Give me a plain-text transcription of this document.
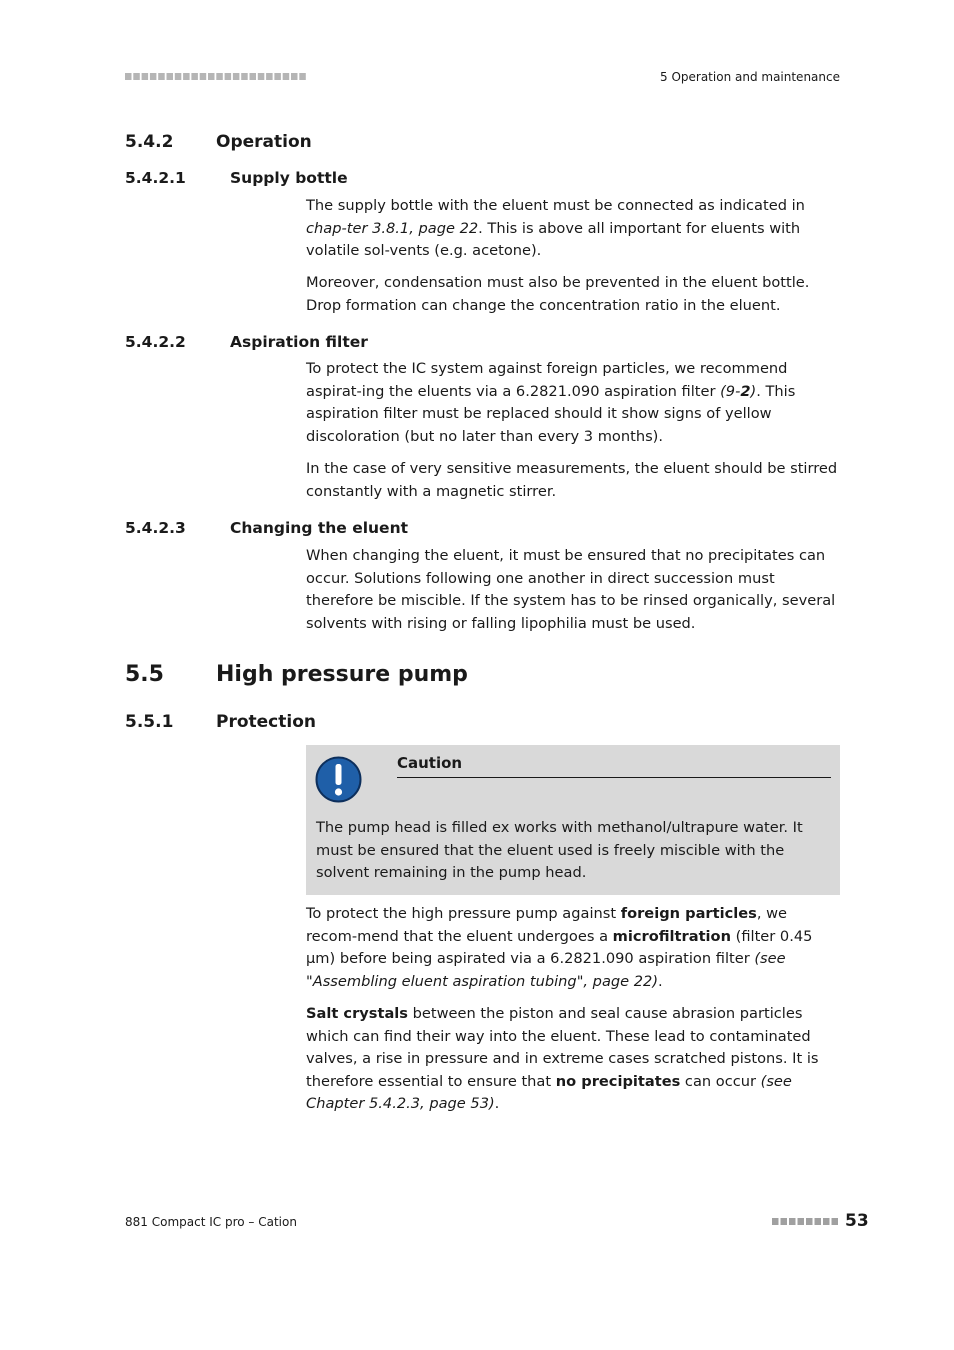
5 Operation and maintenance
5.4.2	Operation
5.4.2.1	Supply bottle

The supply bottle with the eluent must be connected as indicated in chap-ter 3.8.1, page 22. This is above all important for eluents with volatile sol-vents (e.g. acetone).

Moreover, condensation must also be prevented in the eluent bottle. Drop formation can change the concentration ratio in the eluent.

5.4.2.2	Aspiration filter

To protect the IC system against foreign particles, we recommend aspirat-ing the eluents via a 6.2821.090 aspiration filter (9-2). This aspiration filter must be replaced should it show signs of yellow discoloration (but no later than every 3 months).

In the case of very sensitive measurements, the eluent should be stirred constantly with a magnetic stirrer.

5.4.2.3	Changing the eluent

When changing the eluent, it must be ensured that no precipitates can occur. Solutions following one another in direct succession must therefore be miscible. If the system has to be rinsed organically, several solvents with rising or falling lipophilia must be used.

5.5 High pressure pump
5.5.1	Protection
Caution
The pump head is filled ex works with methanol/ultrapure water. It must be ensured that the eluent used is freely miscible with the solvent remaining in the pump head.

To protect the high pressure pump against foreign particles, we recom-mend that the eluent undergoes a microfiltration (filter 0.45 µm) before being aspirated via a 6.2821.090 aspiration filter (see "Assembling eluent aspiration tubing", page 22).

Salt crystals between the piston and seal cause abrasion particles which can find their way into the eluent. These lead to contaminated valves, a rise in pressure and in extreme cases scratched pistons. It is therefore essential to ensure that no precipitates can occur (see Chapter 5.4.2.3, page 53).

881 Compact IC pro – Cation	53
